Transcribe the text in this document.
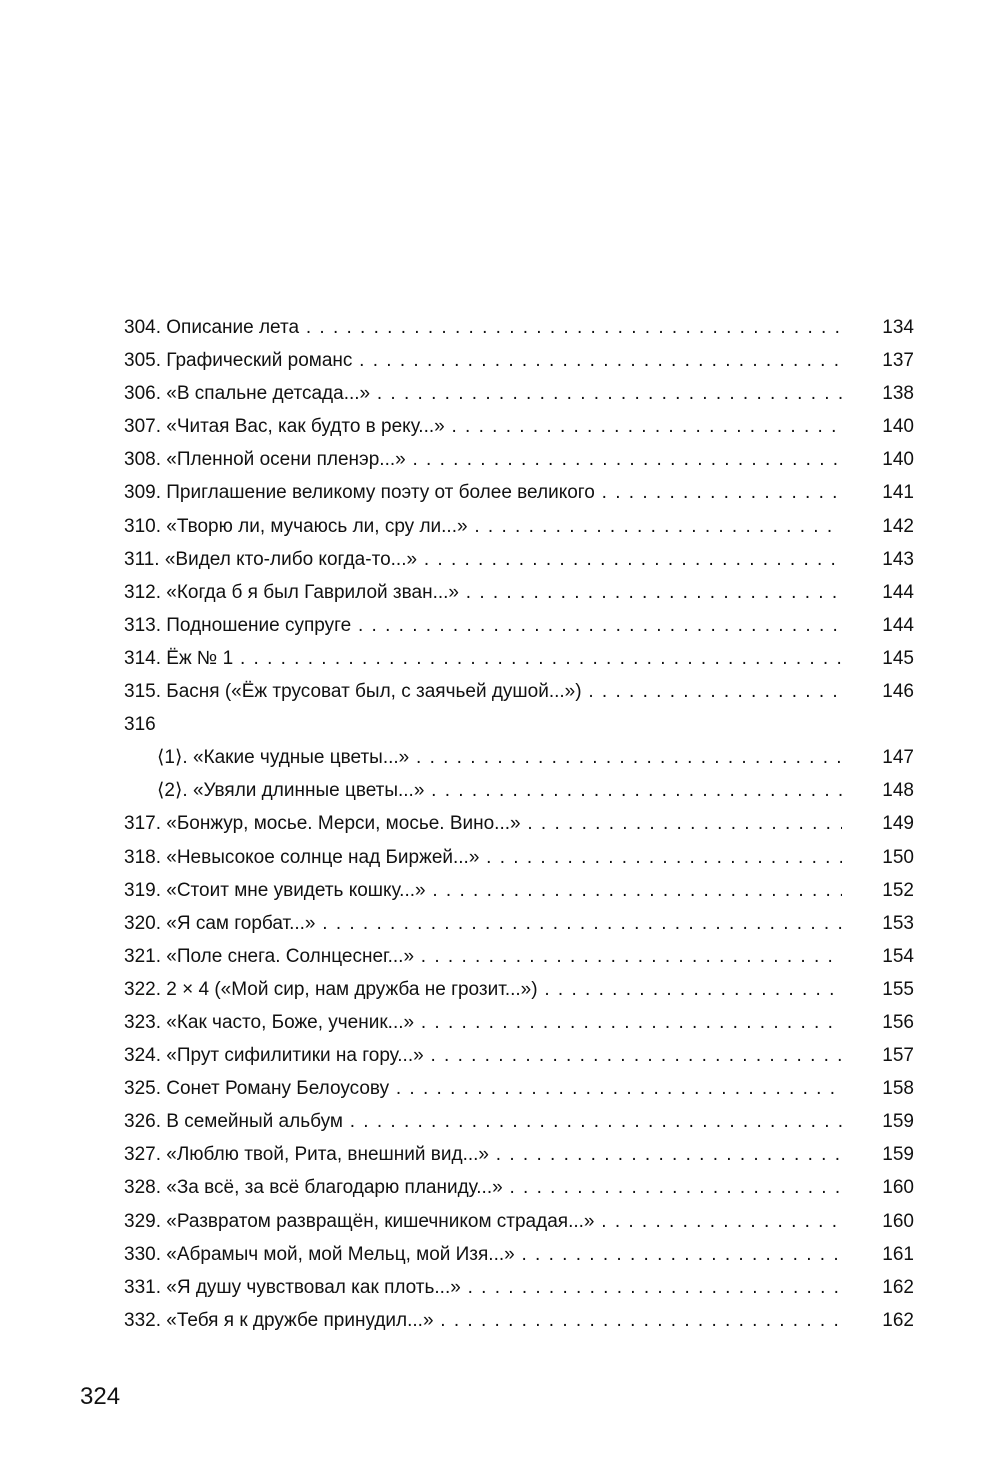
304. Описание лета . . .	134
305. Графический романс . . .	137
306. «В спальне детсада...» . . .	138
307. «Читая Вас, как будто в реку...» . . .	140
308. «Пленной осени пленэр...» . . .	140
309. Приглашение великому поэту от более великого . . .	141
310. «Творю ли, мучаюсь ли, сру ли...» . . .	142
311. «Видел кто-либо когда-то...» . . .	143
312. «Когда б я был Гаврилой зван...» . . .	144
313. Подношение супруге . . .	144
314. Ёж № 1 . . .	145
315. Басня («Ёж трусоват был, с заячьей душой...») . . .	146
316
⟨1⟩. «Какие чудные цветы...» . . .	147
⟨2⟩. «Увяли длинные цветы...» . . .	148
317. «Бонжур, мосье. Мерси, мосье. Вино...» . . .	149
318. «Невысокое солнце над Биржей...» . . .	150
319. «Стоит мне увидеть кошку...» . . .	152
320. «Я сам горбат...» . . .	153
321. «Поле снега. Солнцеснег...» . . .	154
322. 2 × 4 («Мой сир, нам дружба не грозит...») . . .	155
323. «Как часто, Боже, ученик...» . . .	156
324. «Прут сифилитики на гору...» . . .	157
325. Сонет Роману Белоусову . . .	158
326. В семейный альбум . . .	159
327. «Люблю твой, Рита, внешний вид...» . . .	159
328. «За всё, за всё благодарю планиду...» . . .	160
329. «Развратом развращён, кишечником страдая...» . . .	160
330. «Абрамыч мой, мой Мельц, мой Изя...» . . .	161
331. «Я душу чувствовал как плоть...» . . .	162
332. «Тебя я к дружбе принудил...» . . .	162
324
